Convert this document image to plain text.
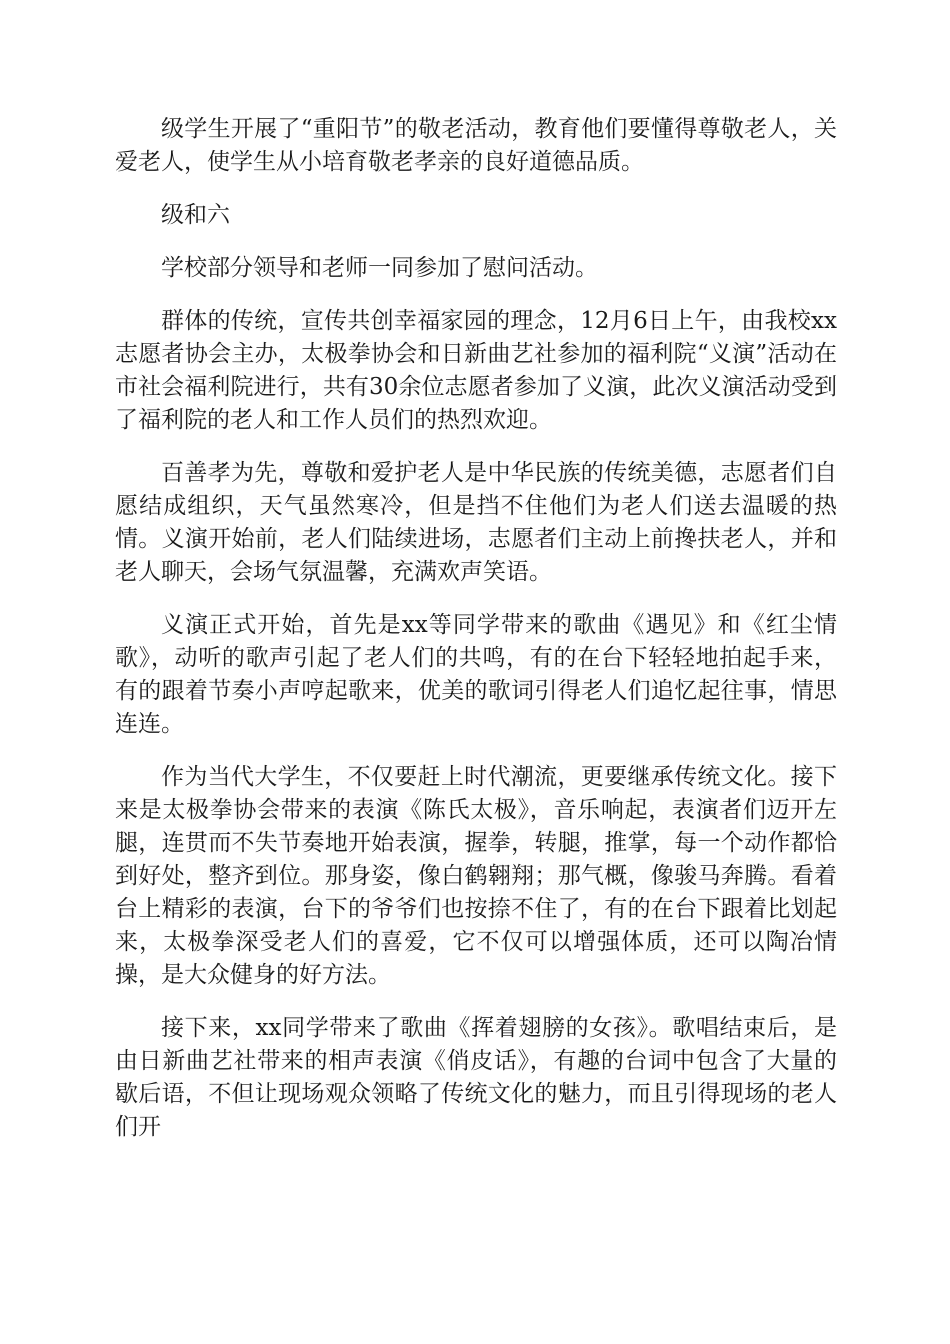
级学生开展了“重阳节”的敬老活动，教育他们要懂得尊敬老人，关爱老人，使学生从小培育敬老孝亲的良好道德品质。

级和六

学校部分领导和老师一同参加了慰问活动。

群体的传统，宣传共创幸福家园的理念，12月6日上午，由我校xx志愿者协会主办，太极拳协会和日新曲艺社参加的福利院“义演”活动在市社会福利院进行，共有30余位志愿者参加了义演，此次义演活动受到了福利院的老人和工作人员们的热烈欢迎。

百善孝为先，尊敬和爱护老人是中华民族的传统美德，志愿者们自愿结成组织，天气虽然寒冷，但是挡不住他们为老人们送去温暖的热情。义演开始前，老人们陆续进场，志愿者们主动上前搀扶老人，并和老人聊天，会场气氛温馨，充满欢声笑语。

义演正式开始，首先是xx等同学带来的歌曲《遇见》和《红尘情歌》，动听的歌声引起了老人们的共鸣，有的在台下轻轻地拍起手来，有的跟着节奏小声哼起歌来，优美的歌词引得老人们追忆起往事，情思连连。

作为当代大学生，不仅要赶上时代潮流，更要继承传统文化。接下来是太极拳协会带来的表演《陈氏太极》，音乐响起，表演者们迈开左腿，连贯而不失节奏地开始表演，握拳，转腿，推掌，每一个动作都恰到好处，整齐到位。那身姿，像白鹤翱翔；那气概，像骏马奔腾。看着台上精彩的表演，台下的爷爷们也按捺不住了，有的在台下跟着比划起来，太极拳深受老人们的喜爱，它不仅可以增强体质，还可以陶冶情操，是大众健身的好方法。

接下来，xx同学带来了歌曲《挥着翅膀的女孩》。歌唱结束后，是由日新曲艺社带来的相声表演《俏皮话》，有趣的台词中包含了大量的歇后语，不但让现场观众领略了传统文化的魅力，而且引得现场的老人们开
